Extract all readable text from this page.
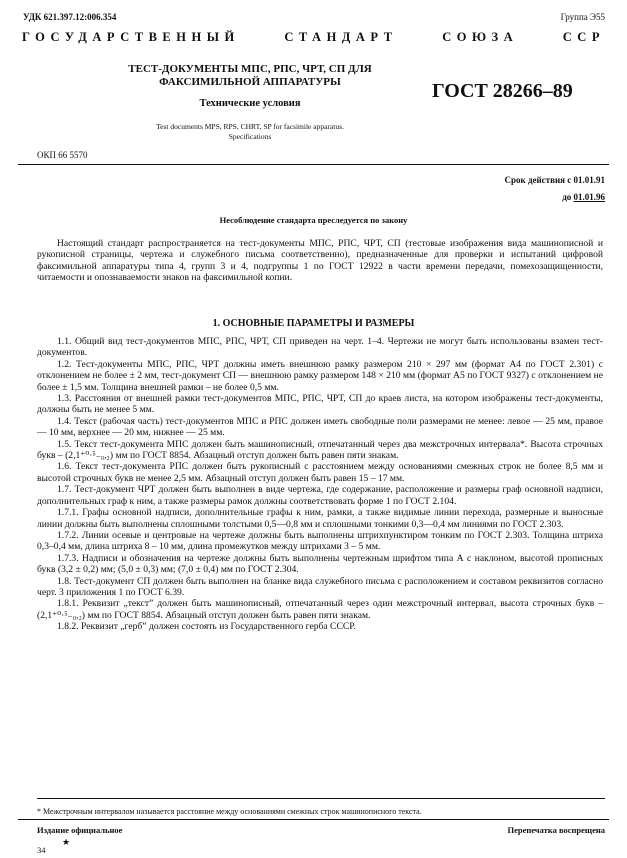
УДК 621.397.12:006.354	Группа Э55
ГОСУДАРСТВЕННЫЙ	СТАНДАРТ	СОЮЗА	ССР
ТЕСТ-ДОКУМЕНТЫ МПС, РПС, ЧРТ, СП ДЛЯ
ФАКСИМИЛЬНОЙ АППАРАТУРЫ	ГОСТ 28266–89
Технические условия
Test documents MPS, RPS, CHRT, SP for facsimile apparatus.
Specifications
ОКП 66 5570
Срок действия с 01.01.91
до 01.01.96
Несоблюдение стандарта преследуется по закону

Настоящий стандарт распространяется на тест-документы МПС, РПС, ЧРТ, СП (тестовые изображения вида машинописной и рукописной страницы, чертежа и служебного письма соответственно), предназначенные для проверки и испытаний цифровой факсимильной аппаратуры типа 4, групп 3 и 4, подгруппы 1 по ГОСТ 12922 в части времени передачи, помехозащищенности, читаемости и опознаваемости знаков на факсимильной копии.

1. ОСНОВНЫЕ ПАРАМЕТРЫ И РАЗМЕРЫ

1.1. Общий вид тест-документов МПС, РПС, ЧРТ, СП приведен на черт. 1–4. Чертежи не могут быть использованы взамен тест-документов.

1.2. Тест-документы МПС, РПС, ЧРТ должны иметь внешнюю рамку размером 210 × 297 мм (формат А4 по ГОСТ 2.301) с отклонением не более ± 2 мм, тест-документ СП — внешнюю рамку размером 148 × 210 мм (формат А5 по ГОСТ 9327) с отклонением не более ± 1,5 мм. Толщина внешней рамки – не более 0,5 мм.

1.3. Расстояния от внешней рамки тест-документов МПС, РПС, ЧРТ, СП до краев листа, на котором изображены тест-документы, должны быть не менее 5 мм.

1.4. Текст (рабочая часть) тест-документов МПС и РПС должен иметь свободные поли размерами не менее: левое — 25 мм, правое — 10 мм, верхнее — 20 мм, нижнее — 25 мм.

1.5. Текст тест-документа МПС должен быть машинописный, отпечатанный через два межстрочных интервала*. Высота строчных букв – (2,1⁺⁰·⁵₋₀,₂) мм по ГОСТ 8854. Абзацный отступ должен быть равен пяти знакам.

1.6. Текст тест-документа РПС должен быть рукописный с расстоянием между основаниями смежных строк не более 8,5 мм и высотой строчных букв не менее 2,5 мм. Абзацный отступ должен быть равен 15 – 17 мм.

1.7. Тест-документ ЧРТ должен быть выполнен в виде чертежа, где содержание, расположение и размеры граф основной надписи, дополнительных граф к ним, а также размеры рамок должны соответствовать форме 1 по ГОСТ 2.104.

1.7.1. Графы основной надписи, дополнительные графы к ним, рамки, а также видимые линии перехода, размерные и выносные линии должны быть выполнены сплошными толстыми 0,5—0,8 мм и сплошными тонкими 0,3—0,4 мм линиями по ГОСТ 2.303.

1.7.2. Линии осевые и центровые на чертеже должны быть выполнены штрихпунктиром тонким по ГОСТ 2.303. Толщина штриха 0,3–0,4 мм, длина штриха 8 – 10 мм, длина промежутков между штрихами 3 – 5 мм.

1.7.3. Надписи и обозначения на чертеже должны быть выполнены чертежным шрифтом типа А с наклоном, высотой прописных букв (3,2 ± 0,2) мм; (5,0 ± 0,3) мм; (7,0 ± 0,4) мм по ГОСТ 2.304.

1.8. Тест-документ СП должен быть выполнен на бланке вида служебного письма с расположением и составом реквизитов согласно черт. 3 приложения 1 по ГОСТ 6.39.

1.8.1. Реквизит „текст” должен быть машинописный, отпечатанный через один межстрочный интервал, высота строчных букв – (2,1⁺⁰·⁵₋₀,₂) мм по ГОСТ 8854. Абзацный отступ должен быть равен пяти знакам.

1.8.2. Реквизит „герб” должен состоять из Государственного герба СССР.

* Межстрочным интервалом называется расстояние между основаниями смежных строк машинописного текста.
Издание официальное
★
Перепечатка воспрещена
34
